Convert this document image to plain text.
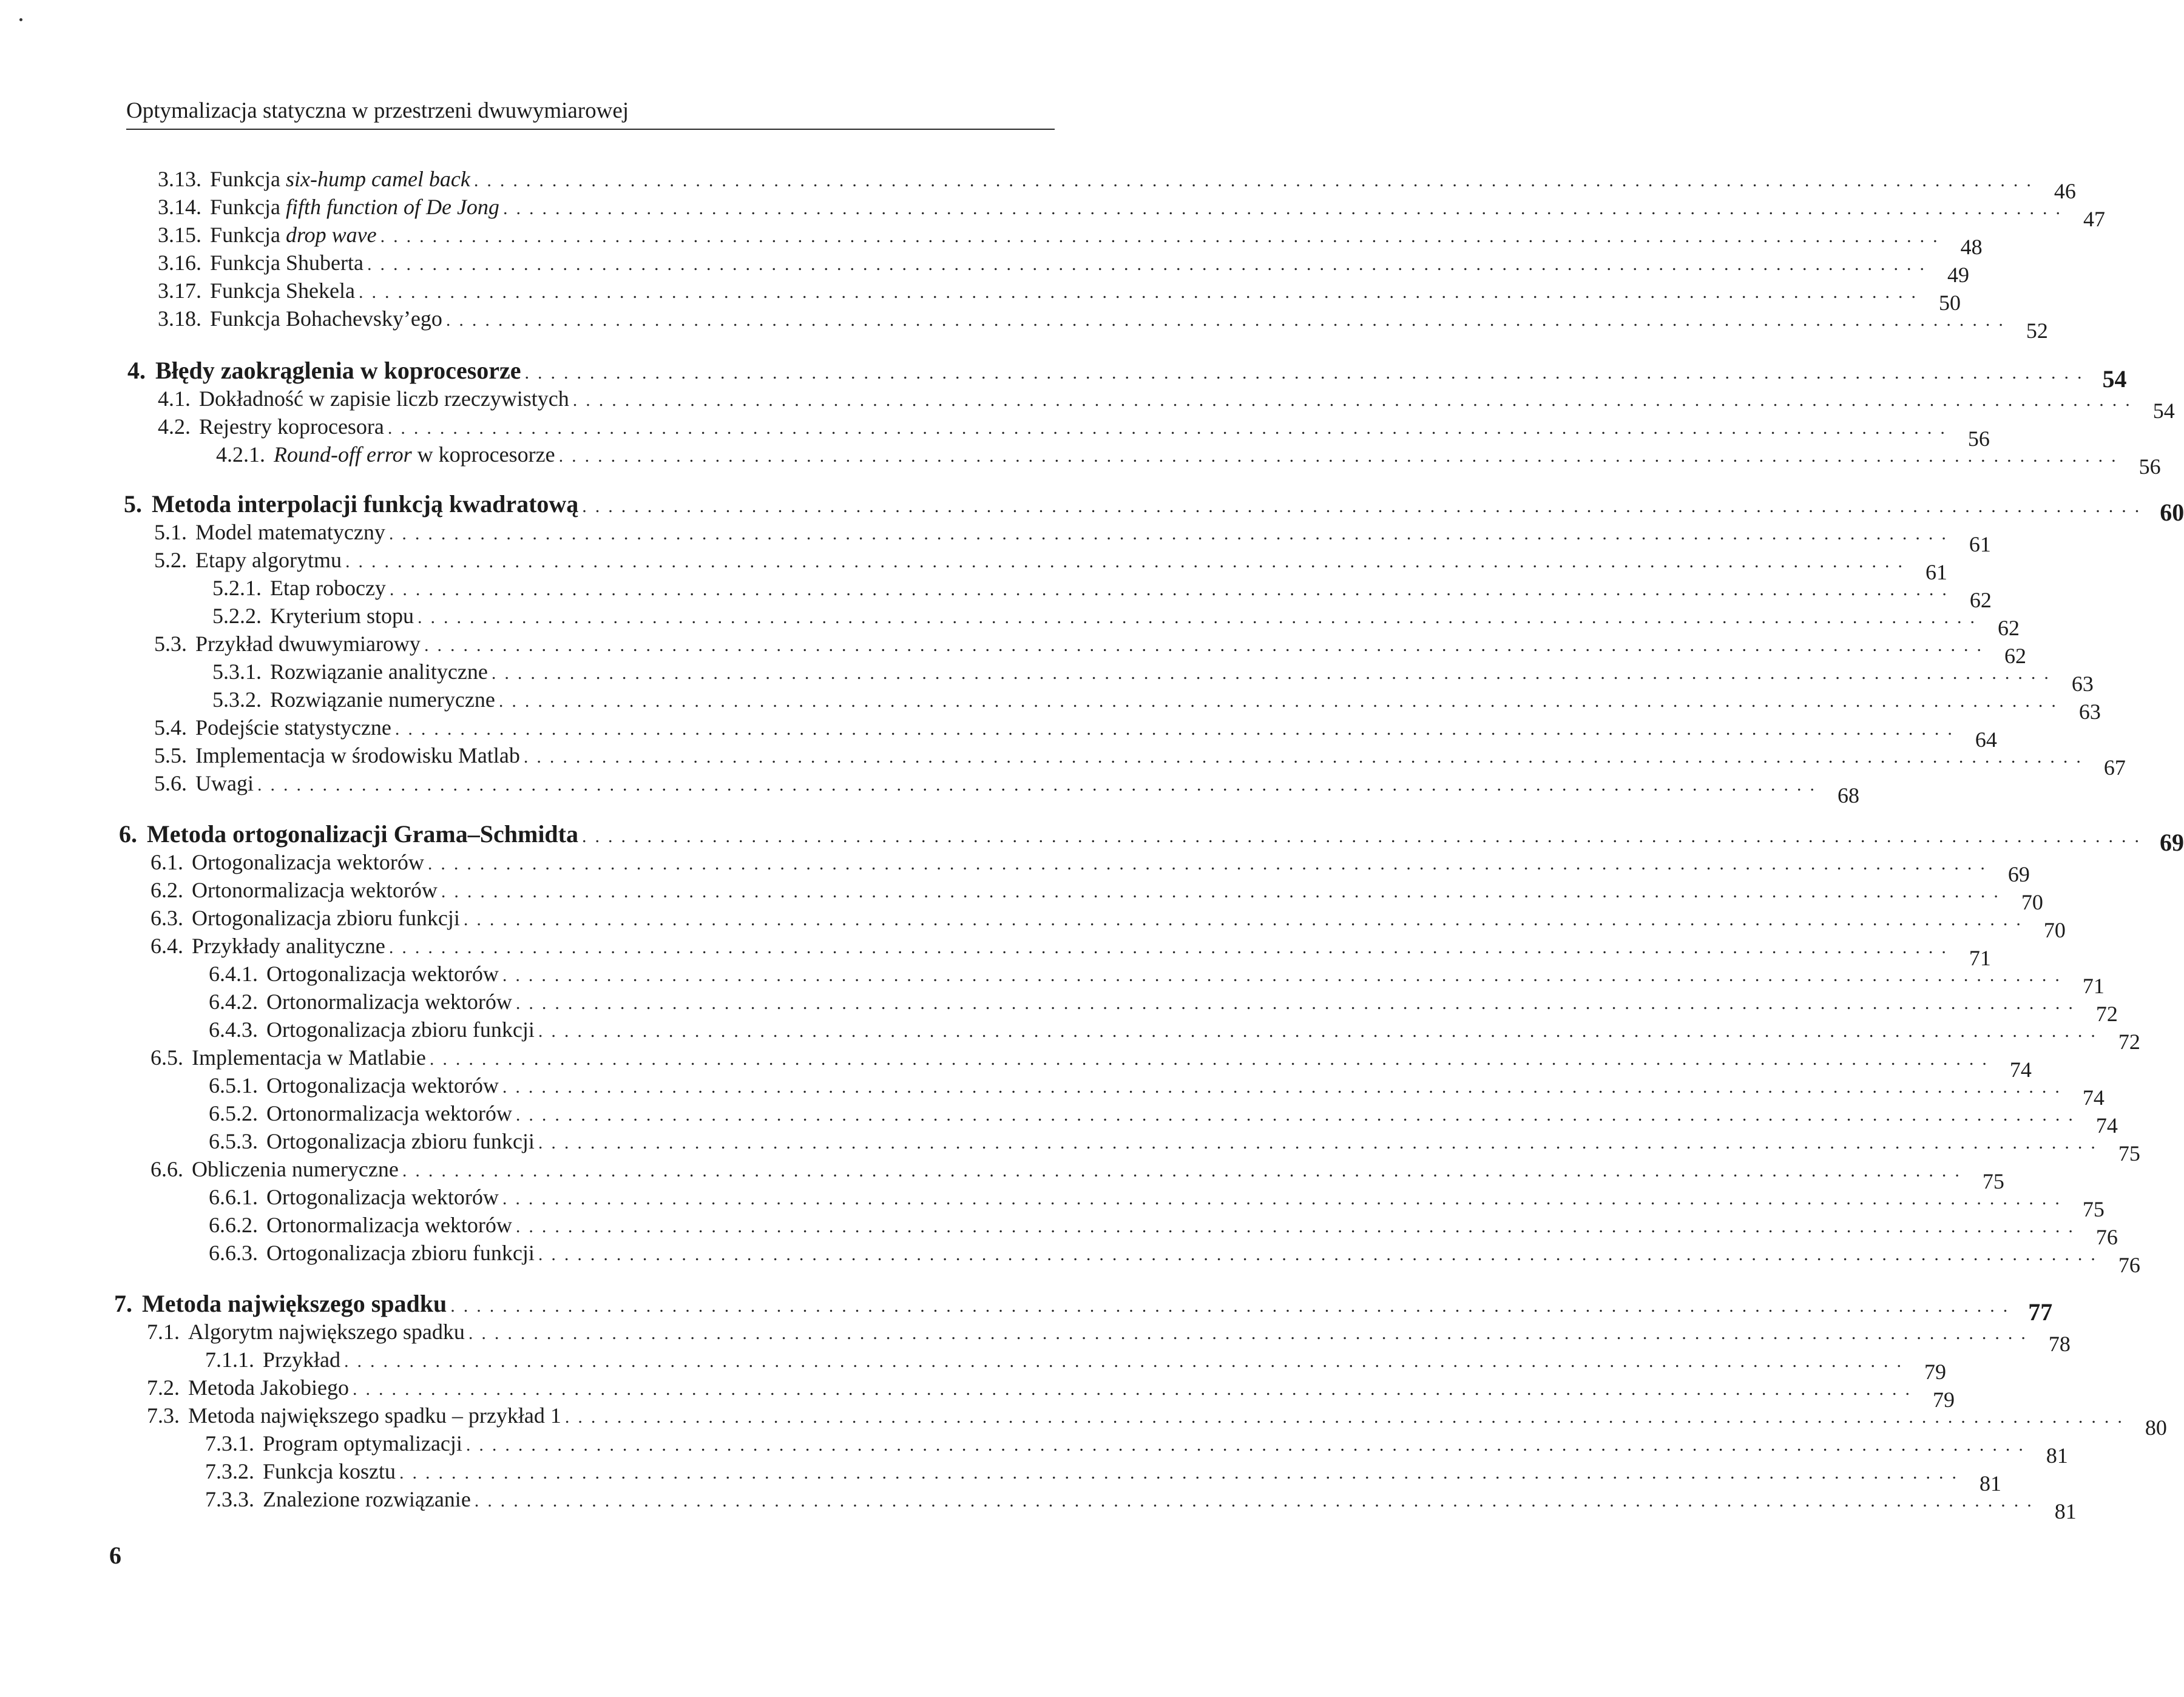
Optymalizacja statyczna w przestrzeni dwuwymiarowej
3.13. Funkcja six-hump camel back ........................................................................................................................ 46
3.14. Funkcja fifth function of De Jong ........................................................................................................................ 47
3.15. Funkcja drop wave ........................................................................................................................ 48
3.16. Funkcja Shuberta ........................................................................................................................ 49
3.17. Funkcja Shekela ........................................................................................................................ 50
3.18. Funkcja Bohachevsky’ego ........................................................................................................................ 52
4. Błędy zaokrąglenia w koprocesorze ........................................................................................................................ 54
4.1. Dokładność w zapisie liczb rzeczywistych ........................................................................................................................ 54
4.2. Rejestry koprocesora ........................................................................................................................ 56
4.2.1. Round-off error w koprocesorze ........................................................................................................................ 56
5. Metoda interpolacji funkcją kwadratową ........................................................................................................................ 60
5.1. Model matematyczny ........................................................................................................................ 61
5.2. Etapy algorytmu ........................................................................................................................ 61
5.2.1. Etap roboczy ........................................................................................................................ 62
5.2.2. Kryterium stopu ........................................................................................................................ 62
5.3. Przykład dwuwymiarowy ........................................................................................................................ 62
5.3.1. Rozwiązanie analityczne ........................................................................................................................ 63
5.3.2. Rozwiązanie numeryczne ........................................................................................................................ 63
5.4. Podejście statystyczne ........................................................................................................................ 64
5.5. Implementacja w środowisku Matlab ........................................................................................................................ 67
5.6. Uwagi ........................................................................................................................ 68
6. Metoda ortogonalizacji Grama–Schmidta ........................................................................................................................ 69
6.1. Ortogonalizacja wektorów ........................................................................................................................ 69
6.2. Ortonormalizacja wektorów ........................................................................................................................ 70
6.3. Ortogonalizacja zbioru funkcji ........................................................................................................................ 70
6.4. Przykłady analityczne ........................................................................................................................ 71
6.4.1. Ortogonalizacja wektorów ........................................................................................................................ 71
6.4.2. Ortonormalizacja wektorów ........................................................................................................................ 72
6.4.3. Ortogonalizacja zbioru funkcji ........................................................................................................................ 72
6.5. Implementacja w Matlabie ........................................................................................................................ 74
6.5.1. Ortogonalizacja wektorów ........................................................................................................................ 74
6.5.2. Ortonormalizacja wektorów ........................................................................................................................ 74
6.5.3. Ortogonalizacja zbioru funkcji ........................................................................................................................ 75
6.6. Obliczenia numeryczne ........................................................................................................................ 75
6.6.1. Ortogonalizacja wektorów ........................................................................................................................ 75
6.6.2. Ortonormalizacja wektorów ........................................................................................................................ 76
6.6.3. Ortogonalizacja zbioru funkcji ........................................................................................................................ 76
7. Metoda największego spadku ........................................................................................................................ 77
7.1. Algorytm największego spadku ........................................................................................................................ 78
7.1.1. Przykład ........................................................................................................................ 79
7.2. Metoda Jakobiego ........................................................................................................................ 79
7.3. Metoda największego spadku – przykład 1 ........................................................................................................................ 80
7.3.1. Program optymalizacji ........................................................................................................................ 81
7.3.2. Funkcja kosztu ........................................................................................................................ 81
7.3.3. Znalezione rozwiązanie ........................................................................................................................ 81
6
